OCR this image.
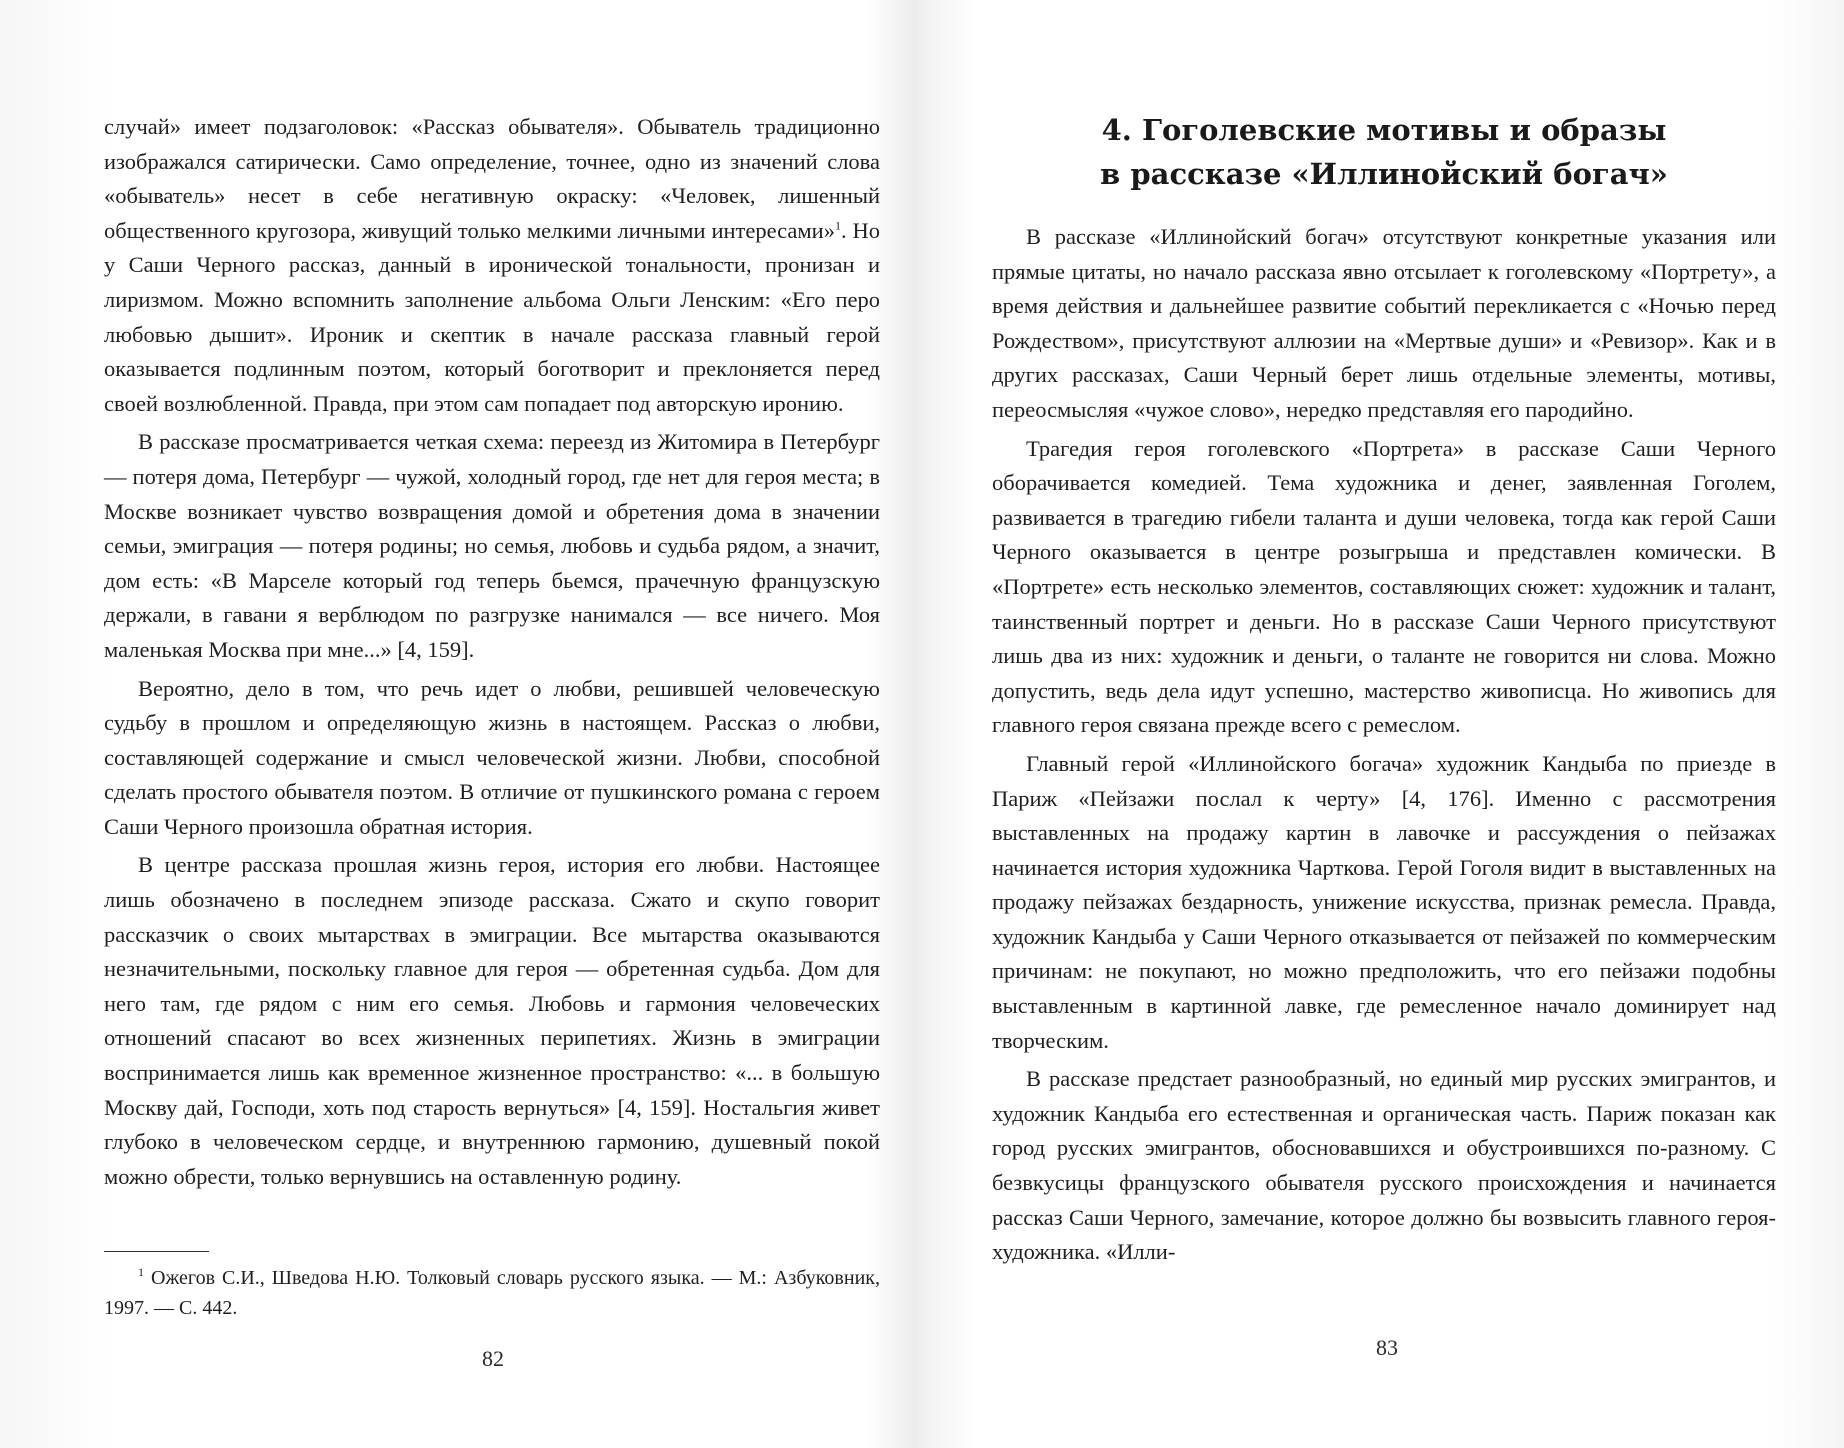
случай» имеет подзаголовок: «Рассказ обывателя». Обыватель традиционно изображался сатирически. Само определение, точнее, одно из значений слова «обыватель» несет в себе негативную окраску: «Человек, лишенный общественного кругозора, живущий только мелкими личными интересами»$^1$. Но у Саши Черного рассказ, данный в иронической тональности, пронизан и лиризмом. Можно вспомнить заполнение альбома Ольги Ленским: «Его перо любовью дышит». Ироник и скептик в начале рассказа главный герой оказывается подлинным поэтом, который боготворит и преклоняется перед своей возлюбленной. Правда, при этом сам попадает под авторскую иронию.

В рассказе просматривается четкая схема: переезд из Житомира в Петербург — потеря дома, Петербург — чужой, холодный город, где нет для героя места; в Москве возникает чувство возвращения домой и обретения дома в значении семьи, эмиграция — потеря родины; но семья, любовь и судьба рядом, а значит, дом есть: «В Марселе который год теперь бьемся, прачечную французскую держали, в гавани я верблюдом по разгрузке нанимался — все ничего. Моя маленькая Москва при мне...» [4, 159].

Вероятно, дело в том, что речь идет о любви, решившей человеческую судьбу в прошлом и определяющую жизнь в настоящем. Рассказ о любви, составляющей содержание и смысл человеческой жизни. Любви, способной сделать простого обывателя поэтом. В отличие от пушкинского романа с героем Саши Черного произошла обратная история.

В центре рассказа прошлая жизнь героя, история его любви. Настоящее лишь обозначено в последнем эпизоде рассказа. Сжато и скупо говорит рассказчик о своих мытарствах в эмиграции. Все мытарства оказываются незначительными, поскольку главное для героя — обретенная судьба. Дом для него там, где рядом с ним его семья. Любовь и гармония человеческих отношений спасают во всех жизненных перипетиях. Жизнь в эмиграции воспринимается лишь как временное жизненное пространство: «... в большую Москву дай, Господи, хоть под старость вернуться» [4, 159]. Ностальгия живет глубоко в человеческом сердце, и внутреннюю гармонию, душевный покой можно обрести, только вернувшись на оставленную родину.

$^1$ Ожегов С.И., Шведова Н.Ю. Толковый словарь русского языка. — М.: Азбуковник, 1997. — С. 442.
82
4. Гоголевские мотивы и образы
в рассказе «Иллинойский богач»

В рассказе «Иллинойский богач» отсутствуют конкретные указания или прямые цитаты, но начало рассказа явно отсылает к гоголевскому «Портрету», а время действия и дальнейшее развитие событий перекликается с «Ночью перед Рождеством», присутствуют аллюзии на «Мертвые души» и «Ревизор». Как и в других рассказах, Саши Черный берет лишь отдельные элементы, мотивы, переосмысляя «чужое слово», нередко представляя его пародийно.

Трагедия героя гоголевского «Портрета» в рассказе Саши Черного оборачивается комедией. Тема художника и денег, заявленная Гоголем, развивается в трагедию гибели таланта и души человека, тогда как герой Саши Черного оказывается в центре розыгрыша и представлен комически. В «Портрете» есть несколько элементов, составляющих сюжет: художник и талант, таинственный портрет и деньги. Но в рассказе Саши Черного присутствуют лишь два из них: художник и деньги, о таланте не говорится ни слова. Можно допустить, ведь дела идут успешно, мастерство живописца. Но живопись для главного героя связана прежде всего с ремеслом.

Главный герой «Иллинойского богача» художник Кандыба по приезде в Париж «Пейзажи послал к черту» [4, 176]. Именно с рассмотрения выставленных на продажу картин в лавочке и рассуждения о пейзажах начинается история художника Чарткова. Герой Гоголя видит в выставленных на продажу пейзажах бездарность, унижение искусства, признак ремесла. Правда, художник Кандыба у Саши Черного отказывается от пейзажей по коммерческим причинам: не покупают, но можно предположить, что его пейзажи подобны выставленным в картинной лавке, где ремесленное начало доминирует над творческим.

В рассказе предстает разнообразный, но единый мир русских эмигрантов, и художник Кандыба его естественная и органическая часть. Париж показан как город русских эмигрантов, обосновавшихся и обустроившихся по-разному. С безвкусицы французского обывателя русского происхождения и начинается рассказ Саши Черного, замечание, которое должно бы возвысить главного героя-художника. «Илли-

83
